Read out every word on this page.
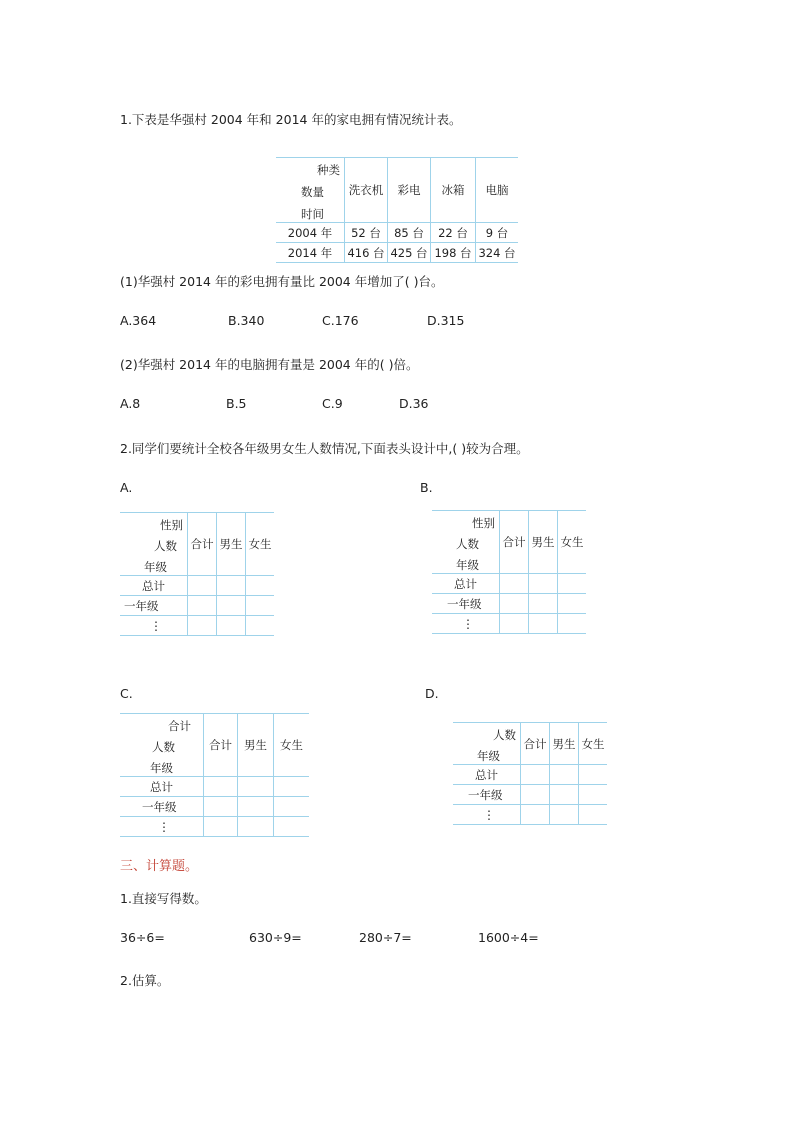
1.下表是华强村 2004 年和 2014 年的家电拥有情况统计表。
种类
数量
时间	洗衣机	彩电	冰箱	电脑
2004 年	52 台	85 台	22 台	9 台
2014 年	416 台	425 台	198 台	324 台
(1)华强村 2014 年的彩电拥有量比 2004 年增加了( )台。
A.364	B.340	C.176	D.315
(2)华强村 2014 年的电脑拥有量是 2004 年的( )倍。
A.8	B.5	C.9	D.36
2.同学们要统计全校各年级男女生人数情况,下面表头设计中,( )较为合理。
A.	B.
C.	D.
性别
人数
年级	合计	男生	女生
总计			
一年级			
⋮			
性别
人数
年级	合计	男生	女生
总计			
一年级			
⋮			
合计
人数
年级	合计	男生	女生
总计			
一年级			
⋮			
人数
年级	合计	男生	女生
总计			
一年级			
⋮			
三、计算题。
1.直接写得数。
36÷6=	630÷9=	280÷7=	1600÷4=
2.估算。
